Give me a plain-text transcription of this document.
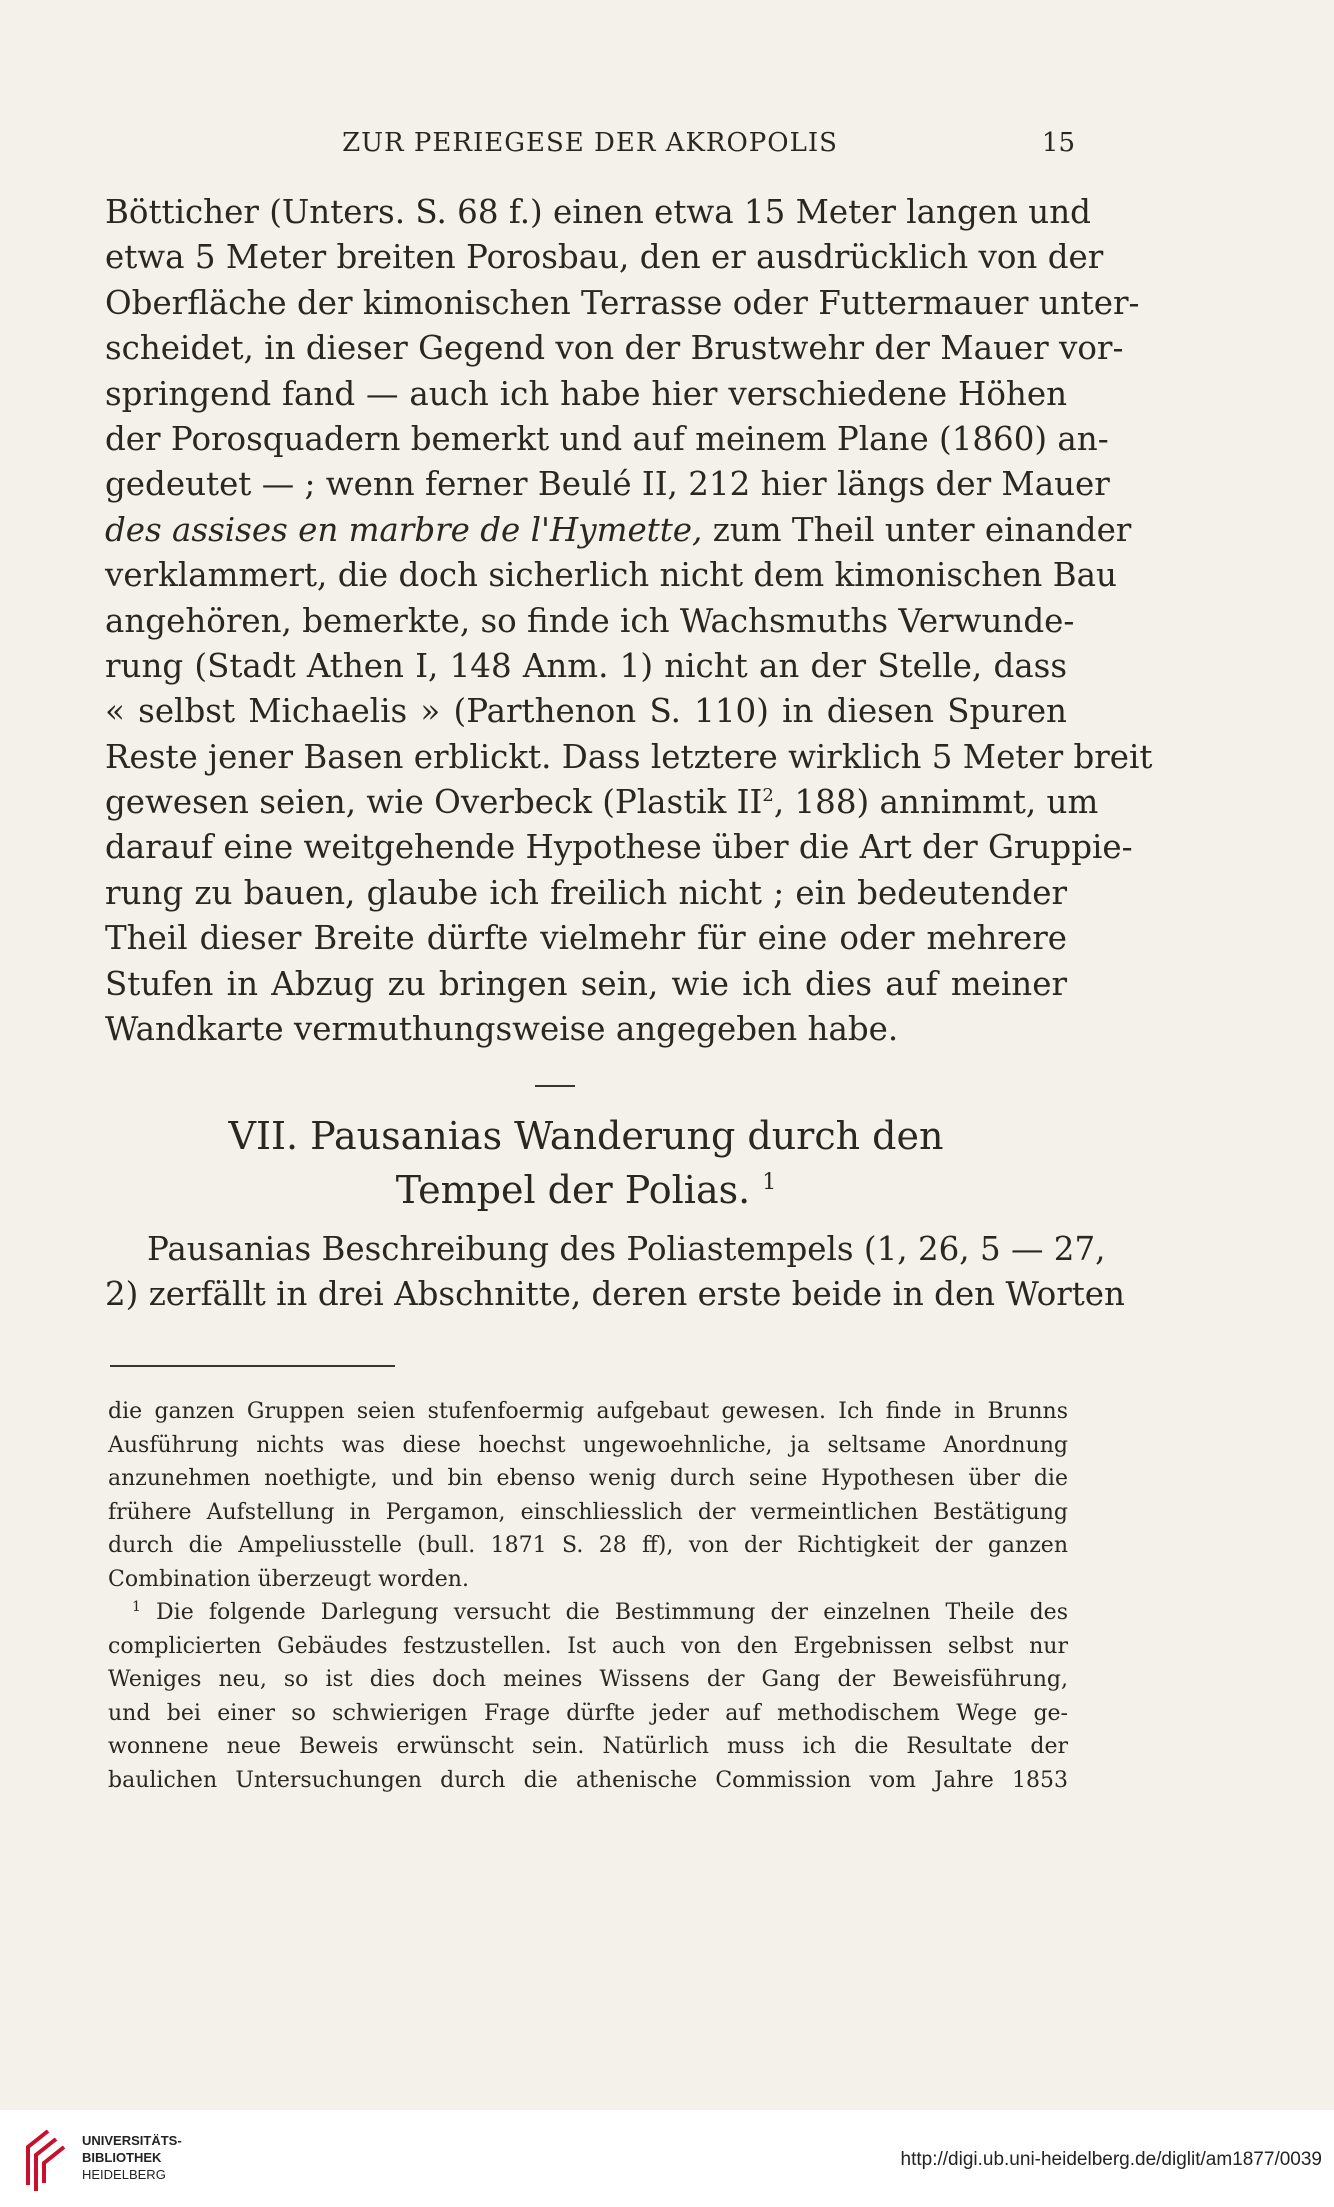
ZUR PERIEGESE DER AKROPOLIS	15
Bötticher (Unters. S. 68 f.) einen etwa 15 Meter langen und
etwa 5 Meter breiten Porosbau, den er ausdrücklich von der
Oberfläche der kimonischen Terrasse oder Futtermauer unter-
scheidet, in dieser Gegend von der Brustwehr der Mauer vor-
springend fand — auch ich habe hier verschiedene Höhen
der Porosquadern bemerkt und auf meinem Plane (1860) an-
gedeutet — ; wenn ferner Beulé II, 212 hier längs der Mauer
des assises en marbre de l'Hymette, zum Theil unter einander
verklammert, die doch sicherlich nicht dem kimonischen Bau
angehören, bemerkte, so finde ich Wachsmuths Verwunde-
rung (Stadt Athen I, 148 Anm. 1) nicht an der Stelle, dass
« selbst Michaelis » (Parthenon S. 110) in diesen Spuren
Reste jener Basen erblickt. Dass letztere wirklich 5 Meter breit
gewesen seien, wie Overbeck (Plastik $II^2$, 188) annimmt, um
darauf eine weitgehende Hypothese über die Art der Gruppie-
rung zu bauen, glaube ich freilich nicht ; ein bedeutender
Theil dieser Breite dürfte vielmehr für eine oder mehrere
Stufen in Abzug zu bringen sein, wie ich dies auf meiner
Wandkarte vermuthungsweise angegeben habe.
VII. Pausanias Wanderung durch den
Tempel der Polias. $^1$
Pausanias Beschreibung des Poliastempels (1, 26, 5 — 27,
2) zerfällt in drei Abschnitte, deren erste beide in den Worten
die ganzen Gruppen seien stufenfoermig aufgebaut gewesen. Ich finde in Brunns
Ausführung nichts was diese hoechst ungewoehnliche, ja seltsame Anordnung
anzunehmen noethigte, und bin ebenso wenig durch seine Hypothesen über die
frühere Aufstellung in Pergamon, einschliesslich der vermeintlichen Bestätigung
durch die Ampeliusstelle (bull. 1871 S. 28 ff), von der Richtigkeit der ganzen
Combination überzeugt worden.
$^1$ Die folgende Darlegung versucht die Bestimmung der einzelnen Theile des
complicierten Gebäudes festzustellen. Ist auch von den Ergebnissen selbst nur
Weniges neu, so ist dies doch meines Wissens der Gang der Beweisführung,
und bei einer so schwierigen Frage dürfte jeder auf methodischem Wege ge-
wonnene neue Beweis erwünscht sein. Natürlich muss ich die Resultate der
baulichen Untersuchungen durch die athenische Commission vom Jahre 1853
UNIVERSITÄTS-
BIBLIOTHEK
HEIDELBERG
http://digi.ub.uni-heidelberg.de/diglit/am1877/0039
